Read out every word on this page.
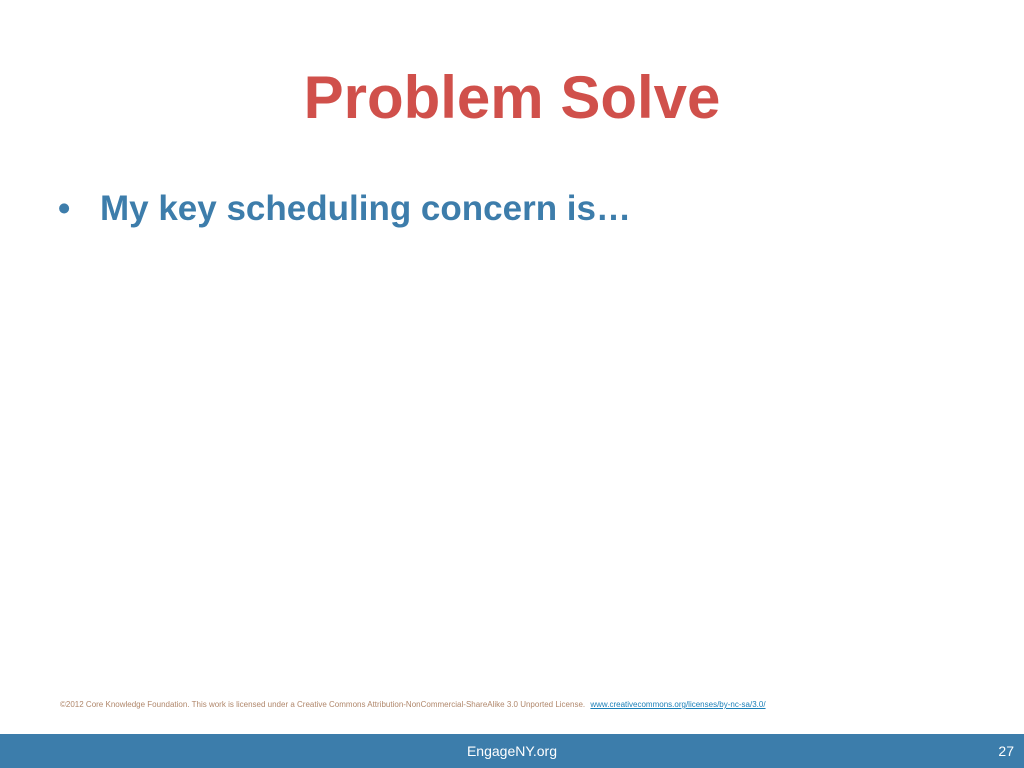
Problem Solve
• My key scheduling concern is…
©2012 Core Knowledge Foundation. This work is licensed under a Creative Commons Attribution-NonCommercial-ShareAlike 3.0 Unported License. www.creativecommons.org/licenses/by-nc-sa/3.0/
EngageNY.org	27
